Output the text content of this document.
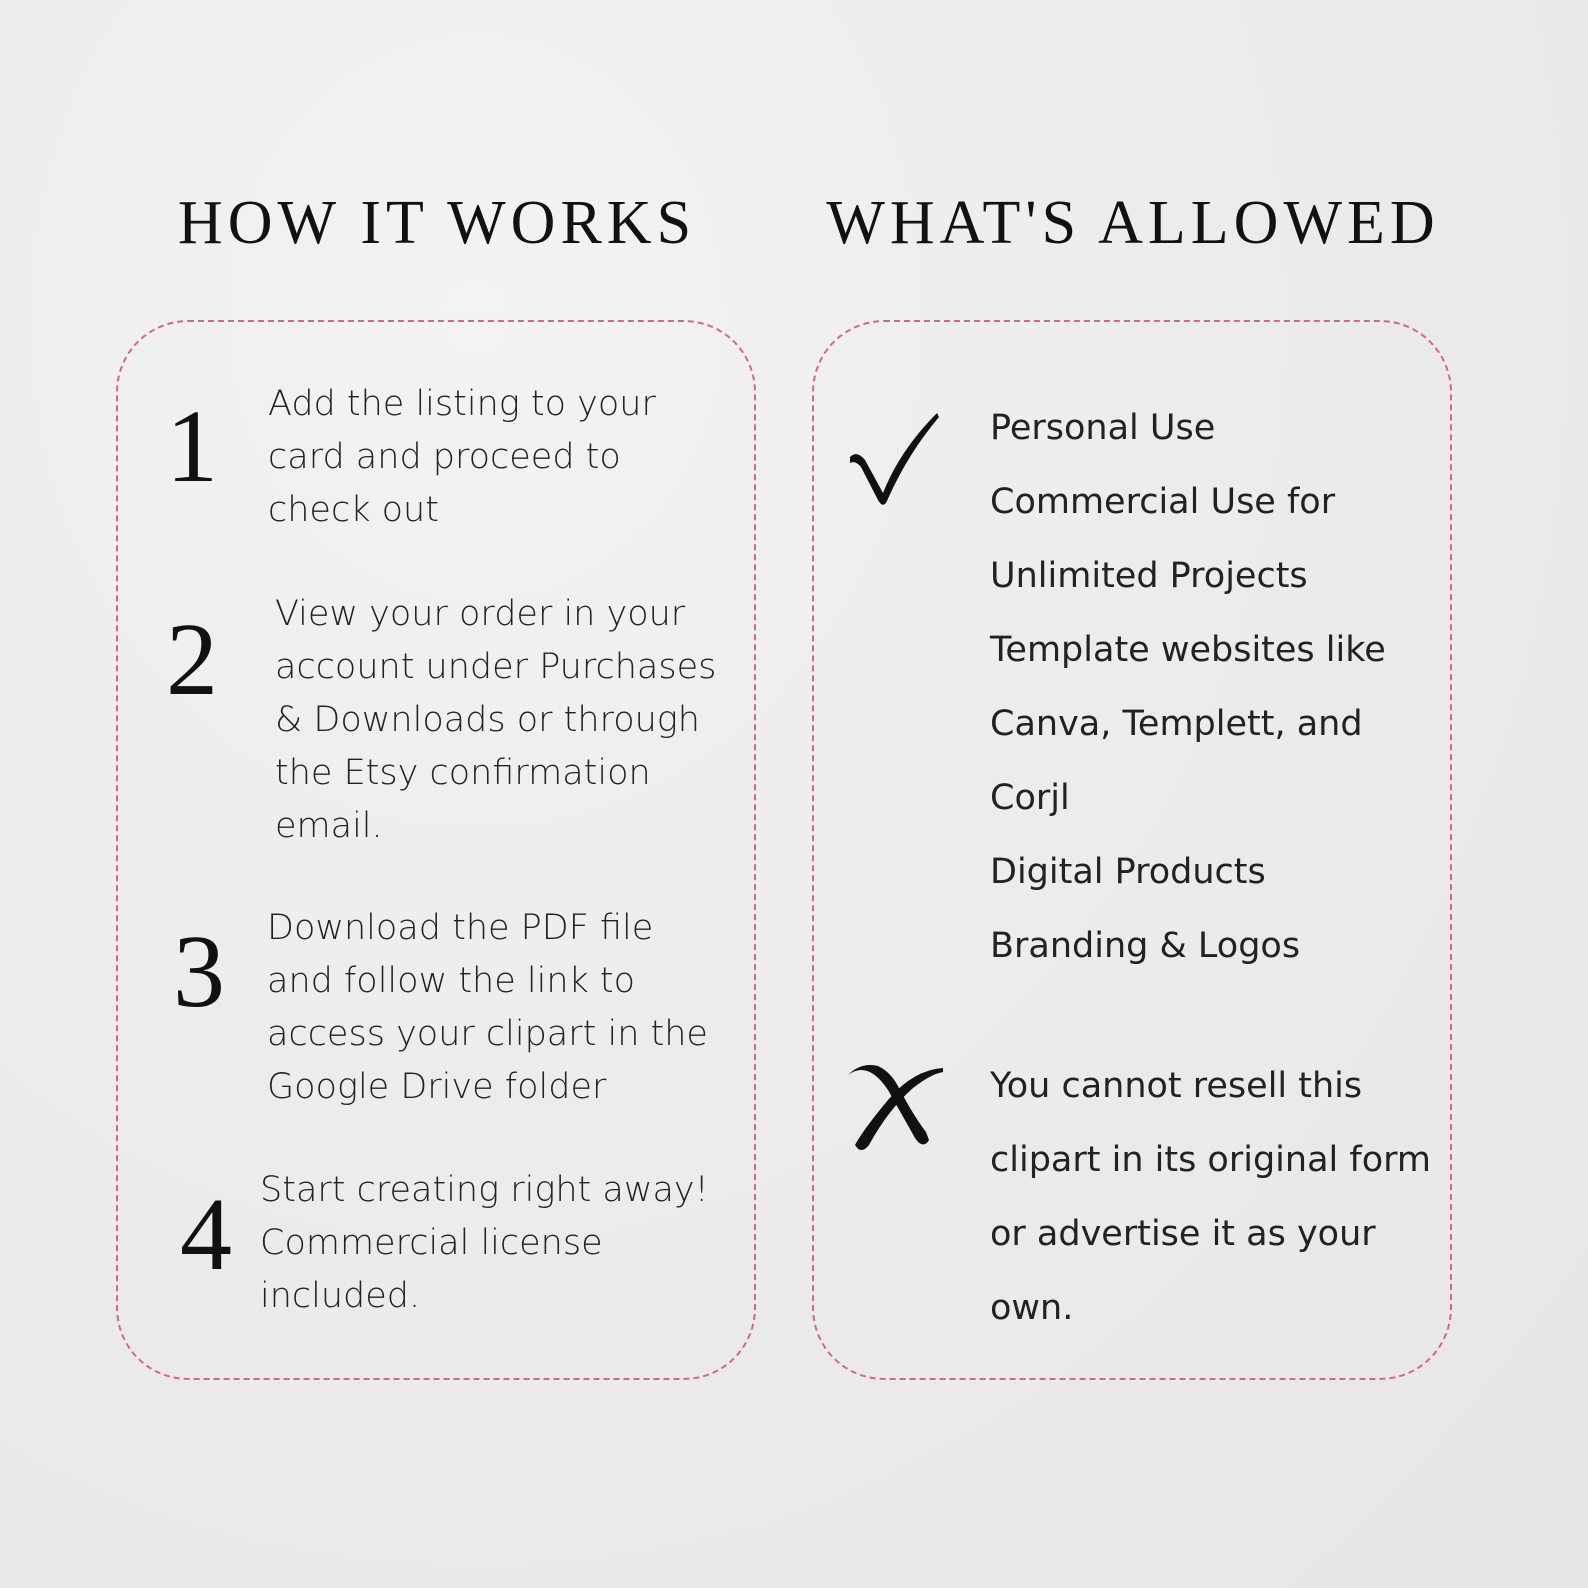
HOW IT WORKS	WHAT'S ALLOWED
1 Add the listing to your
card and proceed to
check out
2 View your order in your
account under Purchases
& Downloads or through
the Etsy confirmation
email.
3 Download the PDF file
and follow the link to
access your clipart in the
Google Drive folder
4 Start creating right away!
Commercial license
included.
Personal Use
Commercial Use for
Unlimited Projects
Template websites like
Canva, Templett, and
Corjl
Digital Products
Branding & Logos
You cannot resell this
clipart in its original form
or advertise it as your
own.
